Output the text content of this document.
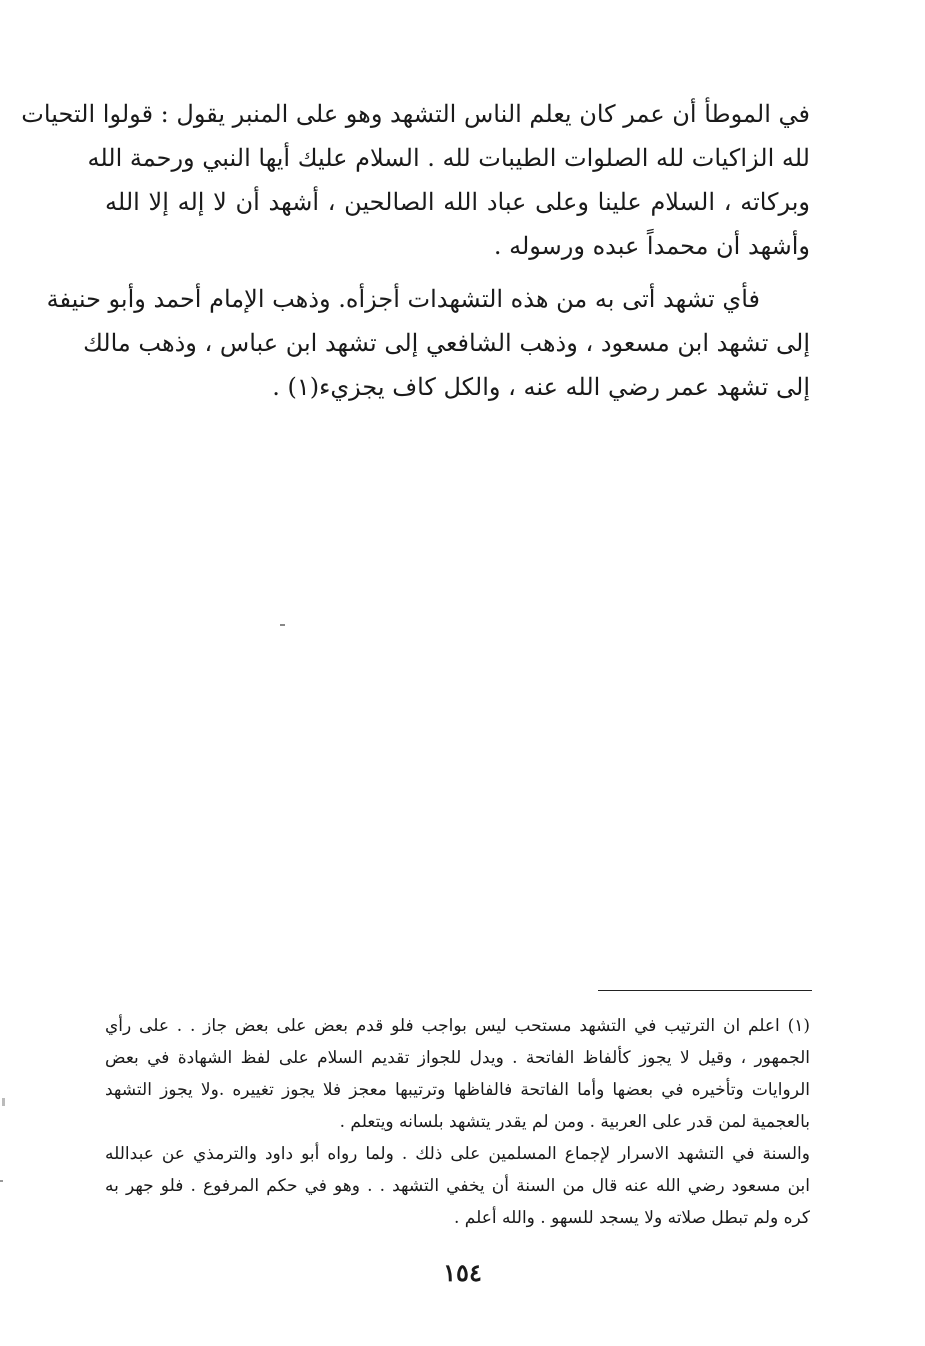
في الموطأ أن عمر كان يعلم الناس التشهد وهو على المنبر يقول : قولوا التحيات
لله الزاكيات لله الصلوات الطيبات لله . السلام عليك أيها النبي ورحمة الله
وبركاته ، السلام علينا وعلى عباد الله الصالحين ، أشهد أن لا إله إلا الله
وأشهد أن محمداً عبده ورسوله .
فأي تشهد أتى به من هذه التشهدات أجزأه. وذهب الإمام أحمد وأبو حنيفة
إلى تشهد ابن مسعود ، وذهب الشافعي إلى تشهد ابن عباس ، وذهب مالك
إلى تشهد عمر رضي الله عنه ، والكل كاف يجزيء(١) .
(١) اعلم ان الترتيب في التشهد مستحب ليس بواجب فلو قدم بعض على بعض جاز . . على رأي
الجمهور ، وقيل لا يجوز كألفاظ الفاتحة . ويدل للجواز تقديم السلام على لفظ الشهادة في بعض
الروايات وتأخيره في بعضها وأما الفاتحة فالفاظها وترتيبها معجز فلا يجوز تغييره .ولا يجوز التشهد
بالعجمية لمن قدر على العربية . ومن لم يقدر يتشهد بلسانه ويتعلم .
والسنة في التشهد الاسرار لإجماع المسلمين على ذلك . ولما رواه أبو داود والترمذي عن عبدالله
ابن مسعود رضي الله عنه قال من السنة أن يخفي التشهد . . وهو في حكم المرفوع . فلو جهر به
كره ولم تبطل صلاته ولا يسجد للسهو . والله أعلم .
١٥٤
